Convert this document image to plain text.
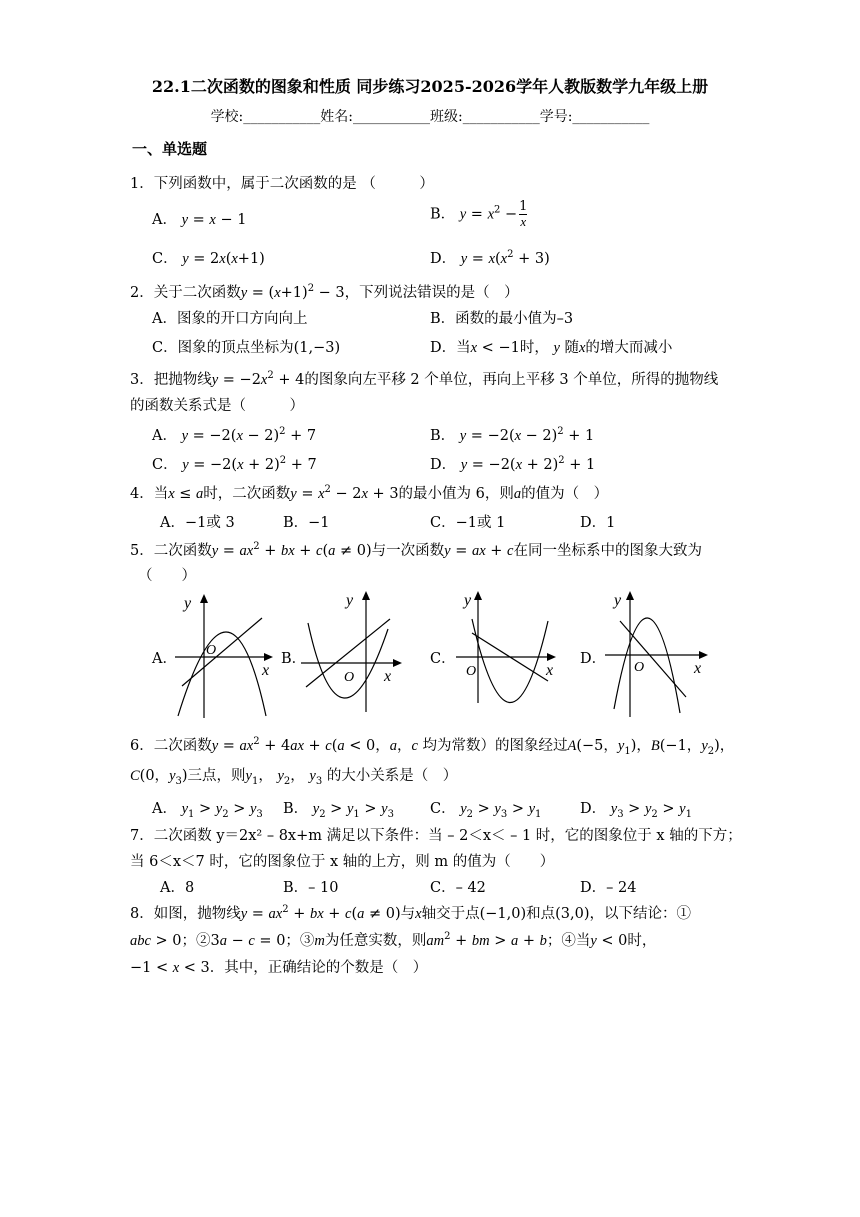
22.1二次函数的图象和性质 同步练习2025-2026学年人教版数学九年级上册
学校:___________姓名:___________班级:___________学号:___________
一、单选题
1．下列函数中，属于二次函数的是 （　　　）
A． y = x − 1	B． $y = x^2 - \frac{1}{x}$
C． y = 2x(x+1)	D． $y = x(x^2 + 3)$
2．关于二次函数$y = (x+1)^2 - 3$，下列说法错误的是（　）
A．图象的开口方向向上	B．函数的最小值为–3
C．图象的顶点坐标为(1,−3)	D．当x < −1时， y 随x的增大而减小
3．把抛物线$y = -2x^2 + 4$的图象向左平移 2 个单位，再向上平移 3 个单位，所得的抛物线
的函数关系式是（　　　）
A． $y = -2(x - 2)^2 + 7$	B． $y = -2(x - 2)^2 + 1$
C． $y = -2(x + 2)^2 + 7$	D． $y = -2(x + 2)^2 + 1$
4．当x ≤ a时，二次函数$y = x^2 - 2x + 3$的最小值为 6，则a的值为（　）
A．−1或 3	B．−1	C．−1或 1	D．1
5．二次函数$y = ax^2$ + bx + c(a ≠ 0)与一次函数y = ax + c在同一坐标系中的图象大致为
（　　）
A．
y
x
O
B．
y
x
O
C．
y
x
O
D．
y
x
O
6．二次函数$y = ax^2 + 4ax + c(a < 0$，a，c 均为常数）的图象经过A(−5，$y_1$)，B(−1，$y_2$)，
C(0，$y_3$)三点，则$y_1$， $y_2$， $y_3$ 的大小关系是（　）
A． $y_1 > y_2 > y_3$ B． $y_2 > y_1 > y_3$ C． $y_2 > y_3 > y_1$	D． $y_3 > y_2 > y_1$
7．二次函数 y＝2x² – 8x+m 满足以下条件：当 – 2＜x＜ – 1 时，它的图象位于 x 轴的下方；
当 6＜x＜7 时，它的图象位于 x 轴的上方，则 m 的值为（　　）
A．8	B．– 10	C．– 42	D．– 24
8．如图，抛物线$y = ax^2$ + bx + c(a ≠ 0)与x轴交于点(−1,0)和点(3,0)，以下结论：①
abc > 0；②3a − c = 0；③m为任意实数，则$am^2$ + bm > a + b；④当y < 0时，
−1 < x < 3．其中，正确结论的个数是（　）
